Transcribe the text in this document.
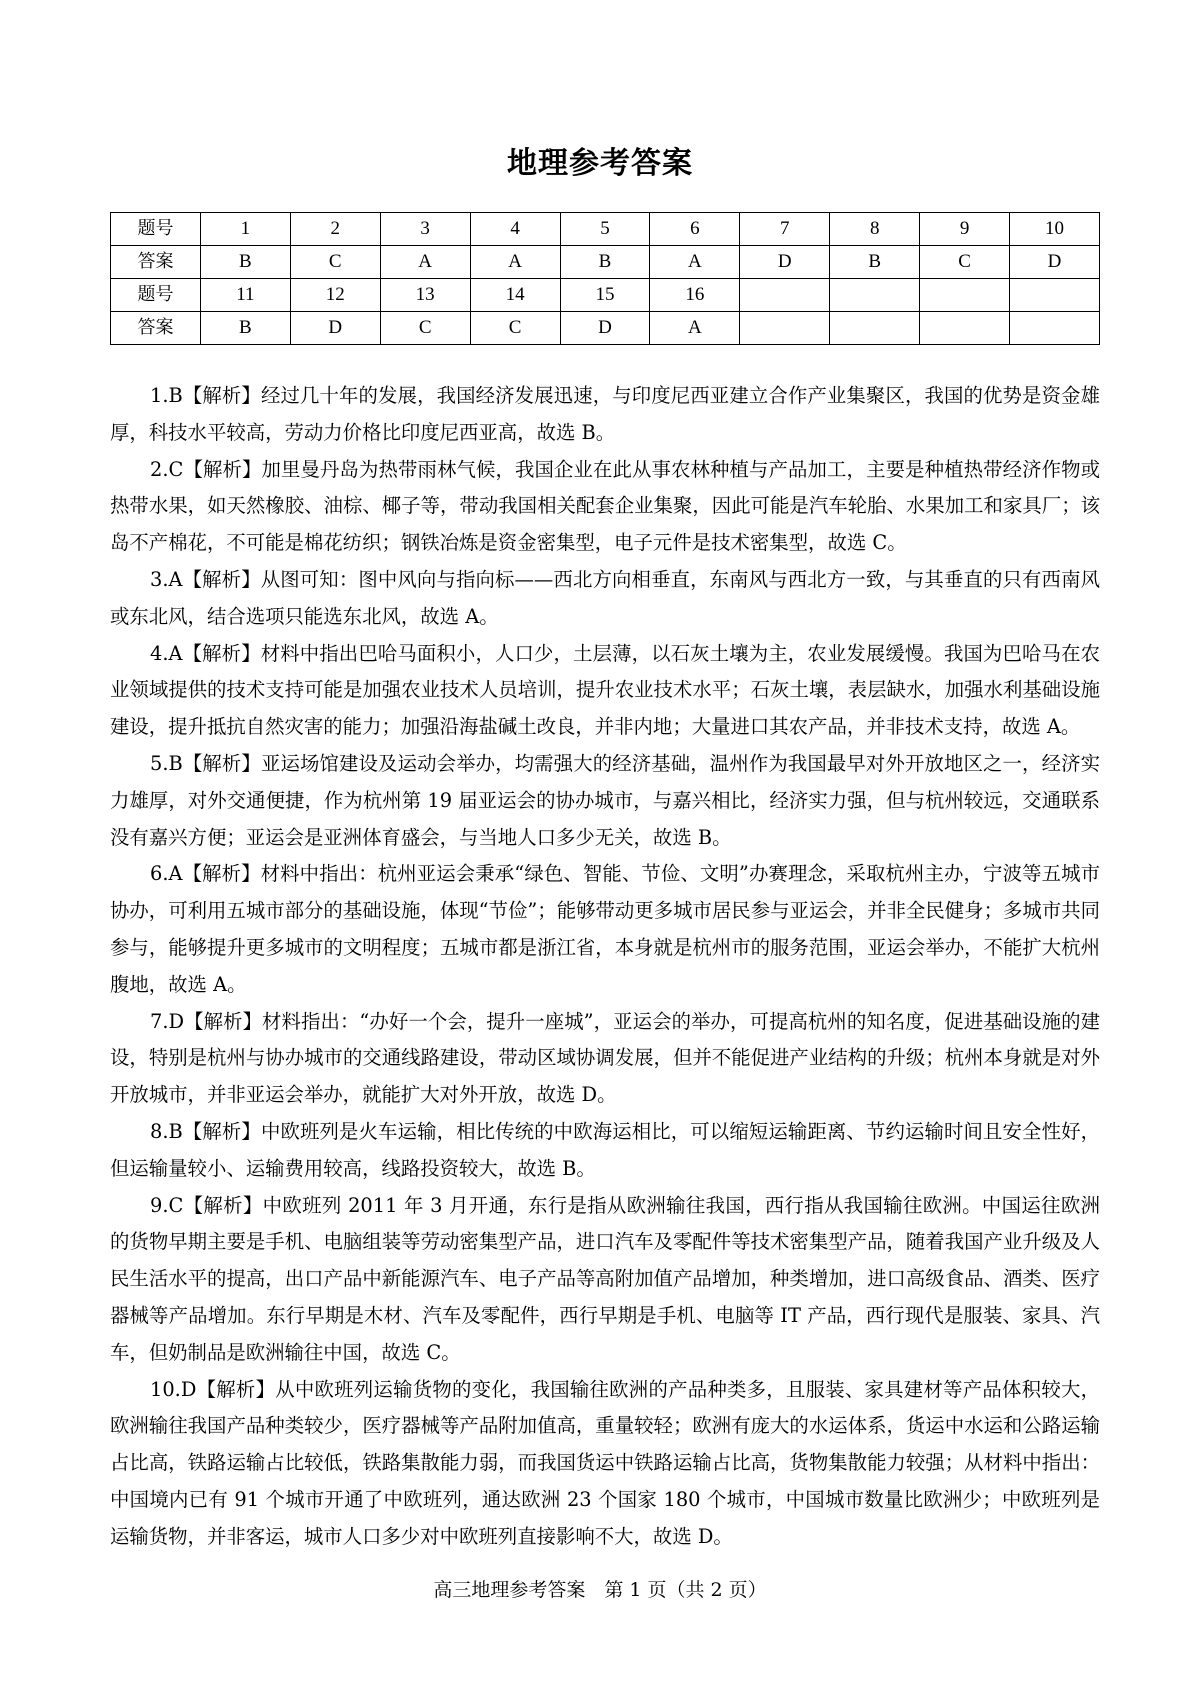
地理参考答案
题号	1	2	3	4	5	6	7	8	9	10
答案	B	C	A	A	B	A	D	B	C	D
题号	11	12	13	14	15	16				
答案	B	D	C	C	D	A				

1.B【解析】经过几十年的发展，我国经济发展迅速，与印度尼西亚建立合作产业集聚区，我国的优势是资金雄厚，科技水平较高，劳动力价格比印度尼西亚高，故选 B。

2.C【解析】加里曼丹岛为热带雨林气候，我国企业在此从事农林种植与产品加工，主要是种植热带经济作物或热带水果，如天然橡胶、油棕、椰子等，带动我国相关配套企业集聚，因此可能是汽车轮胎、水果加工和家具厂；该岛不产棉花，不可能是棉花纺织；钢铁冶炼是资金密集型，电子元件是技术密集型，故选 C。

3.A【解析】从图可知：图中风向与指向标——西北方向相垂直，东南风与西北方一致，与其垂直的只有西南风或东北风，结合选项只能选东北风，故选 A。

4.A【解析】材料中指出巴哈马面积小，人口少，土层薄，以石灰土壤为主，农业发展缓慢。我国为巴哈马在农业领域提供的技术支持可能是加强农业技术人员培训，提升农业技术水平；石灰土壤，表层缺水，加强水利基础设施建设，提升抵抗自然灾害的能力；加强沿海盐碱土改良，并非内地；大量进口其农产品，并非技术支持，故选 A。

5.B【解析】亚运场馆建设及运动会举办，均需强大的经济基础，温州作为我国最早对外开放地区之一，经济实力雄厚，对外交通便捷，作为杭州第 19 届亚运会的协办城市，与嘉兴相比，经济实力强，但与杭州较远，交通联系没有嘉兴方便；亚运会是亚洲体育盛会，与当地人口多少无关，故选 B。

6.A【解析】材料中指出：杭州亚运会秉承“绿色、智能、节俭、文明”办赛理念，采取杭州主办，宁波等五城市协办，可利用五城市部分的基础设施，体现“节俭”；能够带动更多城市居民参与亚运会，并非全民健身；多城市共同参与，能够提升更多城市的文明程度；五城市都是浙江省，本身就是杭州市的服务范围，亚运会举办，不能扩大杭州腹地，故选 A。

7.D【解析】材料指出：“办好一个会，提升一座城”，亚运会的举办，可提高杭州的知名度，促进基础设施的建设，特别是杭州与协办城市的交通线路建设，带动区域协调发展，但并不能促进产业结构的升级；杭州本身就是对外开放城市，并非亚运会举办，就能扩大对外开放，故选 D。

8.B【解析】中欧班列是火车运输，相比传统的中欧海运相比，可以缩短运输距离、节约运输时间且安全性好，但运输量较小、运输费用较高，线路投资较大，故选 B。

9.C【解析】中欧班列 2011 年 3 月开通，东行是指从欧洲输往我国，西行指从我国输往欧洲。中国运往欧洲的货物早期主要是手机、电脑组装等劳动密集型产品，进口汽车及零配件等技术密集型产品，随着我国产业升级及人民生活水平的提高，出口产品中新能源汽车、电子产品等高附加值产品增加，种类增加，进口高级食品、酒类、医疗器械等产品增加。东行早期是木材、汽车及零配件，西行早期是手机、电脑等 IT 产品，西行现代是服装、家具、汽车，但奶制品是欧洲输往中国，故选 C。

10.D【解析】从中欧班列运输货物的变化，我国输往欧洲的产品种类多，且服装、家具建材等产品体积较大，欧洲输往我国产品种类较少，医疗器械等产品附加值高，重量较轻；欧洲有庞大的水运体系，货运中水运和公路运输占比高，铁路运输占比较低，铁路集散能力弱，而我国货运中铁路运输占比高，货物集散能力较强；从材料中指出：中国境内已有 91 个城市开通了中欧班列，通达欧洲 23 个国家 180 个城市，中国城市数量比欧洲少；中欧班列是运输货物，并非客运，城市人口多少对中欧班列直接影响不大，故选 D。

高三地理参考答案　第 1 页（共 2 页）
